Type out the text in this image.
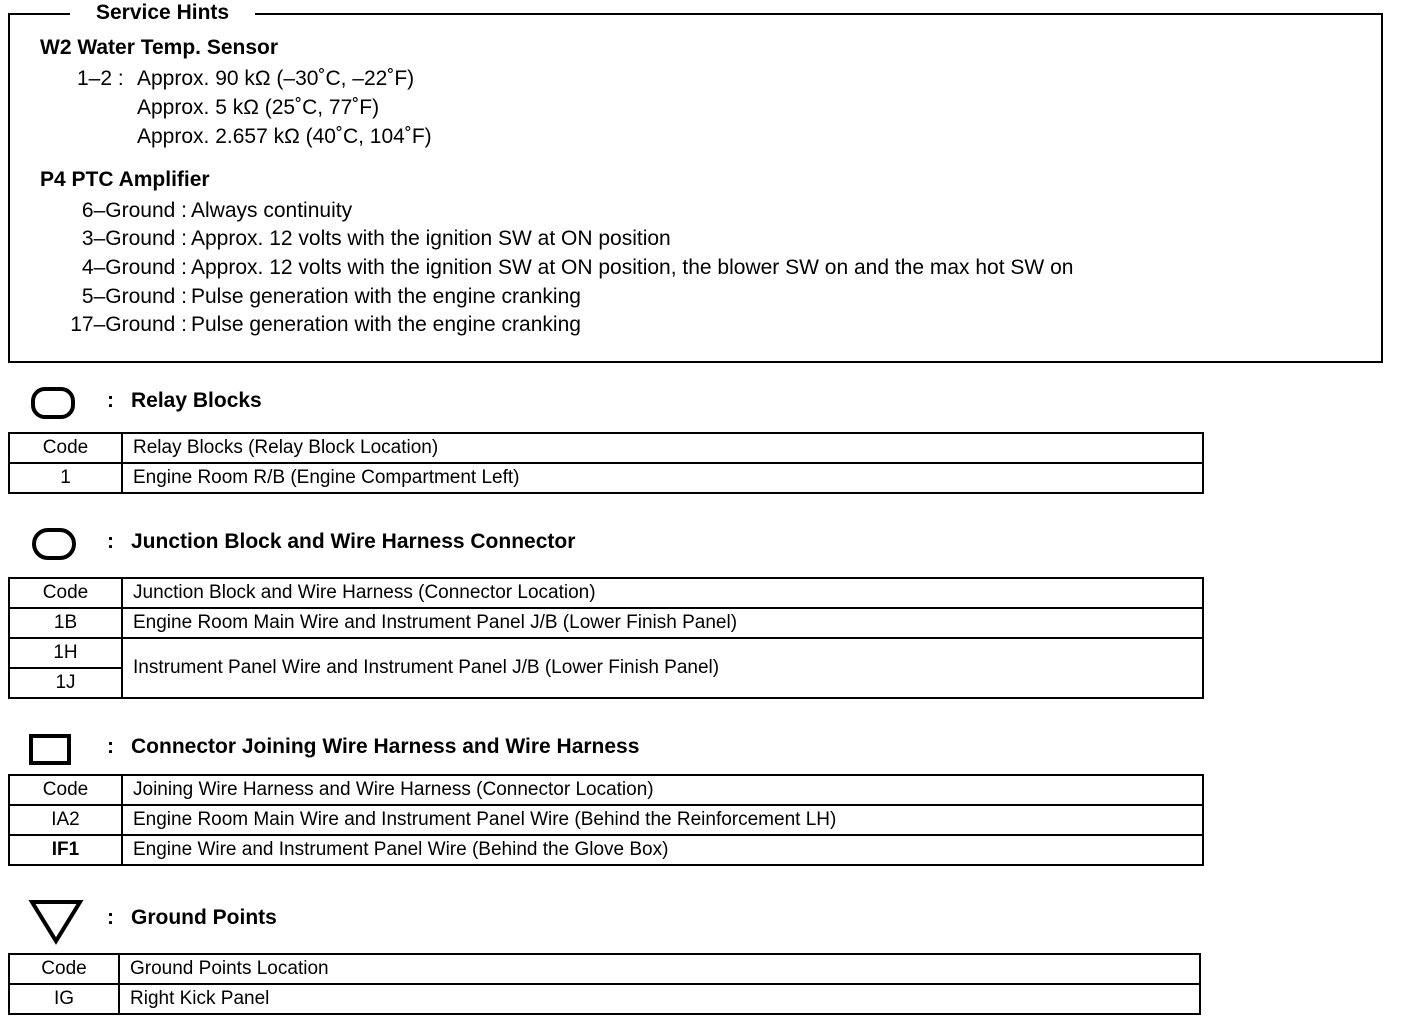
Service Hints
W2 Water Temp. Sensor
1–2 : Approx. 90 kΩ (–30˚C, –22˚F)
Approx. 5 kΩ (25˚C, 77˚F)
Approx. 2.657 kΩ (40˚C, 104˚F)
P4 PTC Amplifier
6–Ground : Always continuity
3–Ground : Approx. 12 volts with the ignition SW at ON position
4–Ground : Approx. 12 volts with the ignition SW at ON position, the blower SW on and the max hot SW on
5–Ground : Pulse generation with the engine cranking
17–Ground : Pulse generation with the engine cranking
: Relay Blocks
Code	Relay Blocks (Relay Block Location)
1	Engine Room R/B (Engine Compartment Left)
: Junction Block and Wire Harness Connector
Code	Junction Block and Wire Harness (Connector Location)
1B	Engine Room Main Wire and Instrument Panel J/B (Lower Finish Panel)
1H	Instrument Panel Wire and Instrument Panel J/B (Lower Finish Panel)
1J	
: Connector Joining Wire Harness and Wire Harness
Code	Joining Wire Harness and Wire Harness (Connector Location)
IA2	Engine Room Main Wire and Instrument Panel Wire (Behind the Reinforcement LH)
IF1	Engine Wire and Instrument Panel Wire (Behind the Glove Box)
: Ground Points
Code	Ground Points Location
IG	Right Kick Panel
